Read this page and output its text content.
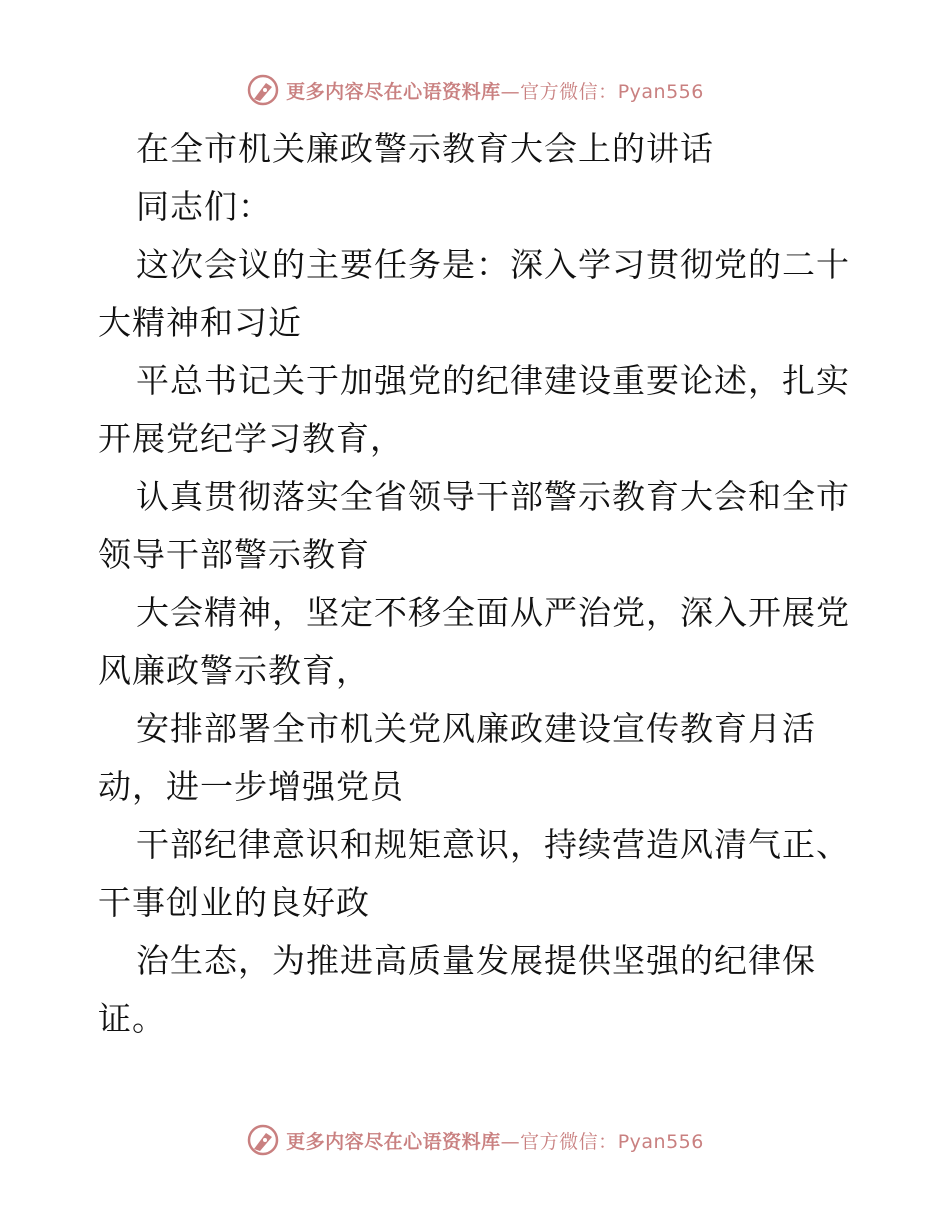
更多内容尽在心语资料库—官方微信：Pyan556
在全市机关廉政警示教育大会上的讲话
同志们：
这次会议的主要任务是：深入学习贯彻党的二十
大精神和习近
平总书记关于加强党的纪律建设重要论述，扎实
开展党纪学习教育，
认真贯彻落实全省领导干部警示教育大会和全市
领导干部警示教育
大会精神，坚定不移全面从严治党，深入开展党
风廉政警示教育，
安排部署全市机关党风廉政建设宣传教育月活
动，进一步增强党员
干部纪律意识和规矩意识，持续营造风清气正、
干事创业的良好政
治生态，为推进高质量发展提供坚强的纪律保
证。
更多内容尽在心语资料库—官方微信：Pyan556
